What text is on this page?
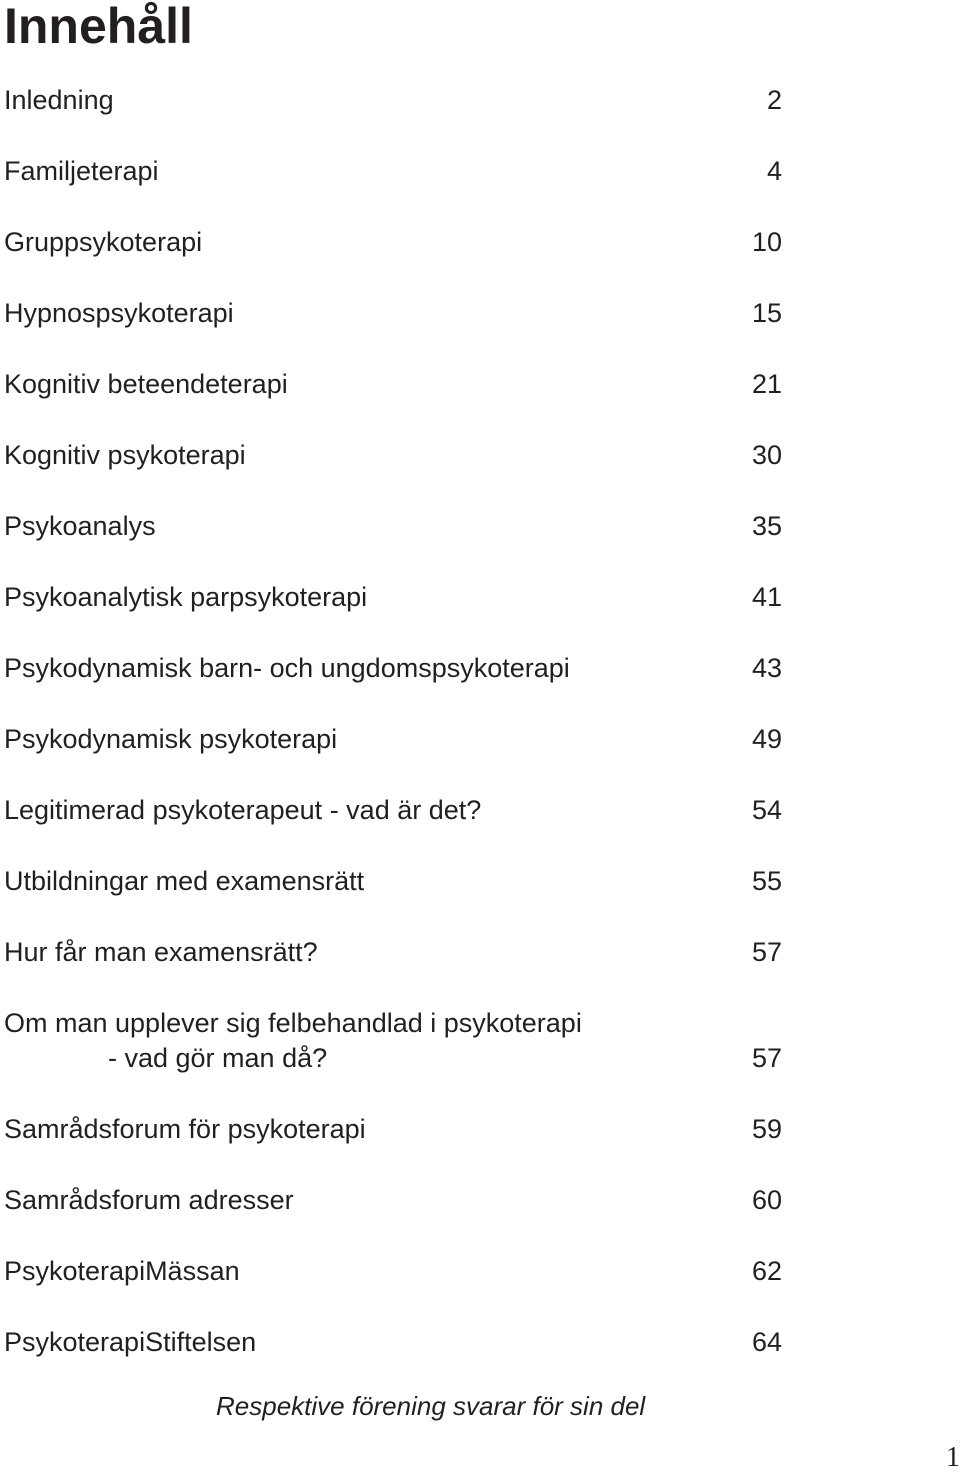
Innehåll
Inledning	2
Familjeterapi	4
Gruppsykoterapi	10
Hypnospsykoterapi	15
Kognitiv beteendeterapi	21
Kognitiv psykoterapi	30
Psykoanalys	35
Psykoanalytisk parpsykoterapi	41
Psykodynamisk barn- och ungdomspsykoterapi	43
Psykodynamisk psykoterapi	49
Legitimerad psykoterapeut - vad är det?	54
Utbildningar med examensrätt	55
Hur får man examensrätt?	57
Om man upplever sig felbehandlad i psykoterapi
- vad gör man då?	57
Samrådsforum för psykoterapi	59
Samrådsforum adresser	60
PsykoterapiMässan	62
PsykoterapiStiftelsen	64
Respektive förening svarar för sin del
1
